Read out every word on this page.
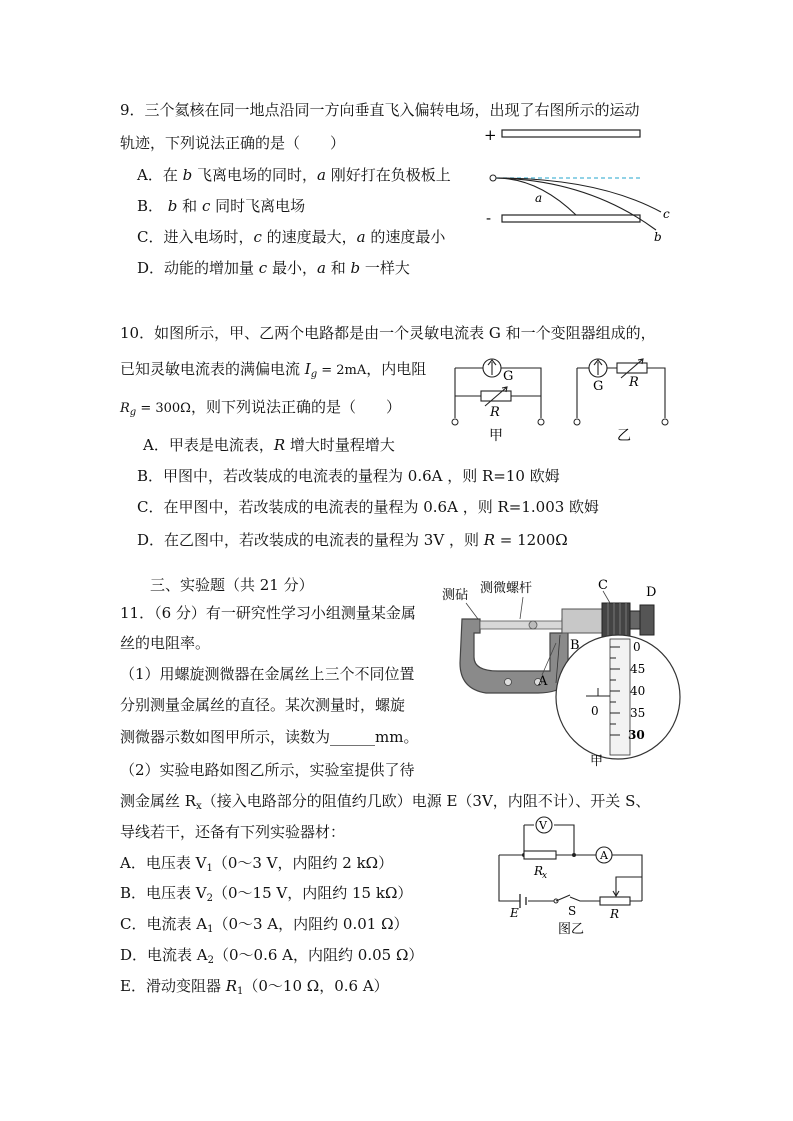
9．三个氦核在同一地点沿同一方向垂直飞入偏转电场，出现了右图所示的运动
轨迹，下列说法正确的是（　　）
A．在 b 飞离电场的同时，a 刚好打在负极板上
B． b 和 c 同时飞离电场
C．进入电场时，c 的速度最大，a 的速度最小
D．动能的增加量 c 最小，a 和 b 一样大
+
-
a
b
c
10．如图所示，甲、乙两个电路都是由一个灵敏电流表 G 和一个变阻器组成的，
已知灵敏电流表的满偏电流 $I_g = 2mA$，内电阻
$R_g = 300\Omega$，则下列说法正确的是（　　）
A．甲表是电流表，R 增大时量程增大
B．甲图中，若改装成的电流表的量程为 0.6A ，则 R=10 欧姆
C．在甲图中，若改装成的电流表的量程为 0.6A ，则 R=1.003 欧姆
D．在乙图中，若改装成的电流表的量程为 3V ，则 R = 1200Ω
G
R
甲
G R
乙
三、实验题（共 21 分）
11．（6 分）有一研究性学习小组测量某金属
丝的电阻率。
（1）用螺旋测微器在金属丝上三个不同位置
分别测量金属丝的直径。某次测量时，螺旋
测微器示数如图甲所示，读数为______mm。
（2）实验电路如图乙所示，实验室提供了待
测金属丝 $R_x$（接入电路部分的阻值约几欧）电源 E（3V，内阻不计）、开关 S、
导线若干，还备有下列实验器材：
A．电压表 $V_1(0\sim 3$ V，内阻约 2 kΩ）
B．电压表 $V_2(0\sim 15$ V，内阻约 15 kΩ）
C．电流表 $A_1(0\sim 3$ A，内阻约 0.01 Ω）
D．电流表 $A_2(0\sim 0.6$ A，内阻约 0.05 Ω）
E．滑动变阻器 $R_1(0\sim 10$ Ω，0.6 A）
测砧 测微螺杆	C	D
B
A
0
45
40
35
30
0
甲
V
R
x
A
E	S	R
图乙
